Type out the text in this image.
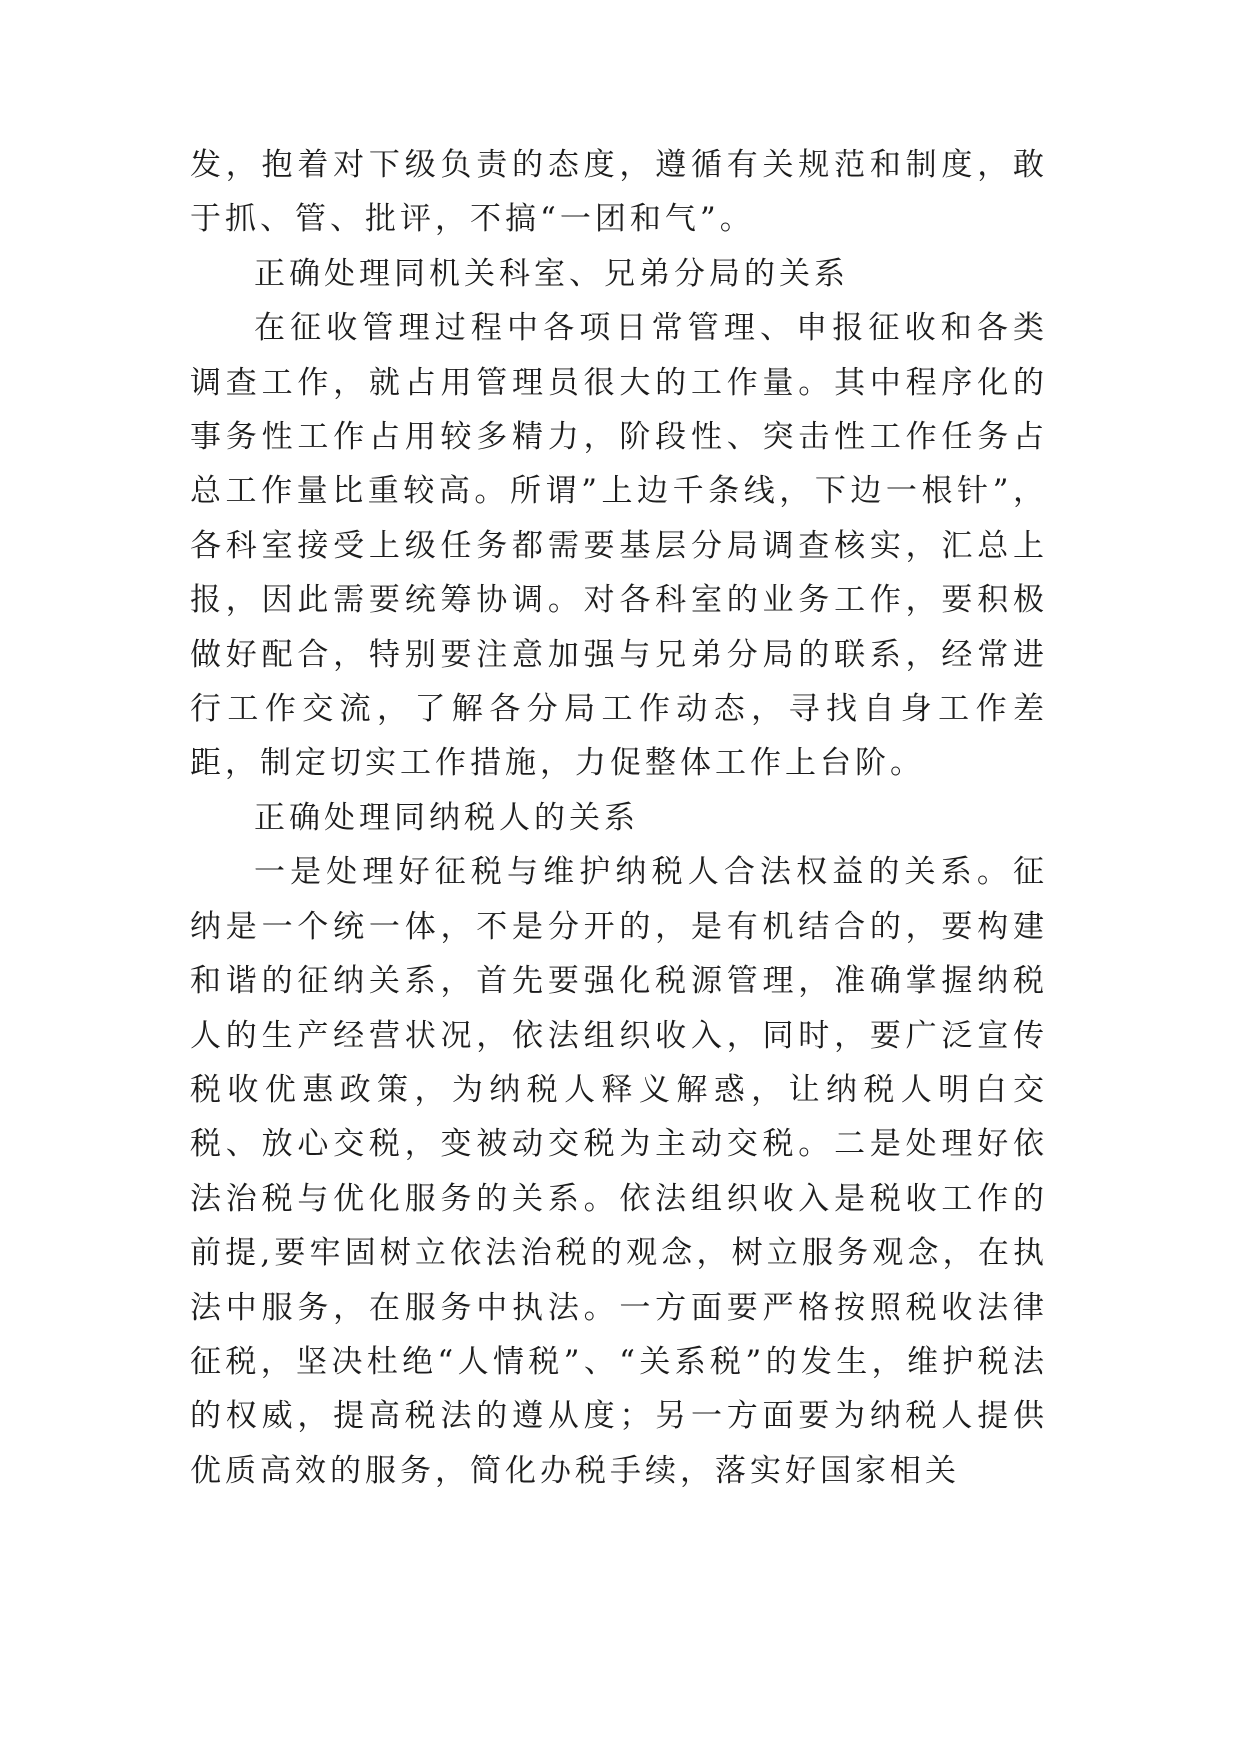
发，抱着对下级负责的态度，遵循有关规范和制度，敢于抓、管、批评，不搞“一团和气”。

正确处理同机关科室、兄弟分局的关系

在征收管理过程中各项日常管理、申报征收和各类调查工作，就占用管理员很大的工作量。其中程序化的事务性工作占用较多精力，阶段性、突击性工作任务占总工作量比重较高。所谓”上边千条线，下边一根针”，各科室接受上级任务都需要基层分局调查核实，汇总上报，因此需要统筹协调。对各科室的业务工作，要积极做好配合，特别要注意加强与兄弟分局的联系，经常进行工作交流，了解各分局工作动态，寻找自身工作差距，制定切实工作措施，力促整体工作上台阶。

正确处理同纳税人的关系

一是处理好征税与维护纳税人合法权益的关系。征纳是一个统一体，不是分开的，是有机结合的，要构建和谐的征纳关系，首先要强化税源管理，准确掌握纳税人的生产经营状况，依法组织收入，同时，要广泛宣传税收优惠政策，为纳税人释义解惑，让纳税人明白交税、放心交税，变被动交税为主动交税。二是处理好依法治税与优化服务的关系。依法组织收入是税收工作的前提,要牢固树立依法治税的观念，树立服务观念，在执法中服务，在服务中执法。一方面要严格按照税收法律征税，坚决杜绝“人情税”、“关系税”的发生，维护税法的权威，提高税法的遵从度；另一方面要为纳税人提供优质高效的服务，简化办税手续，落实好国家相关
